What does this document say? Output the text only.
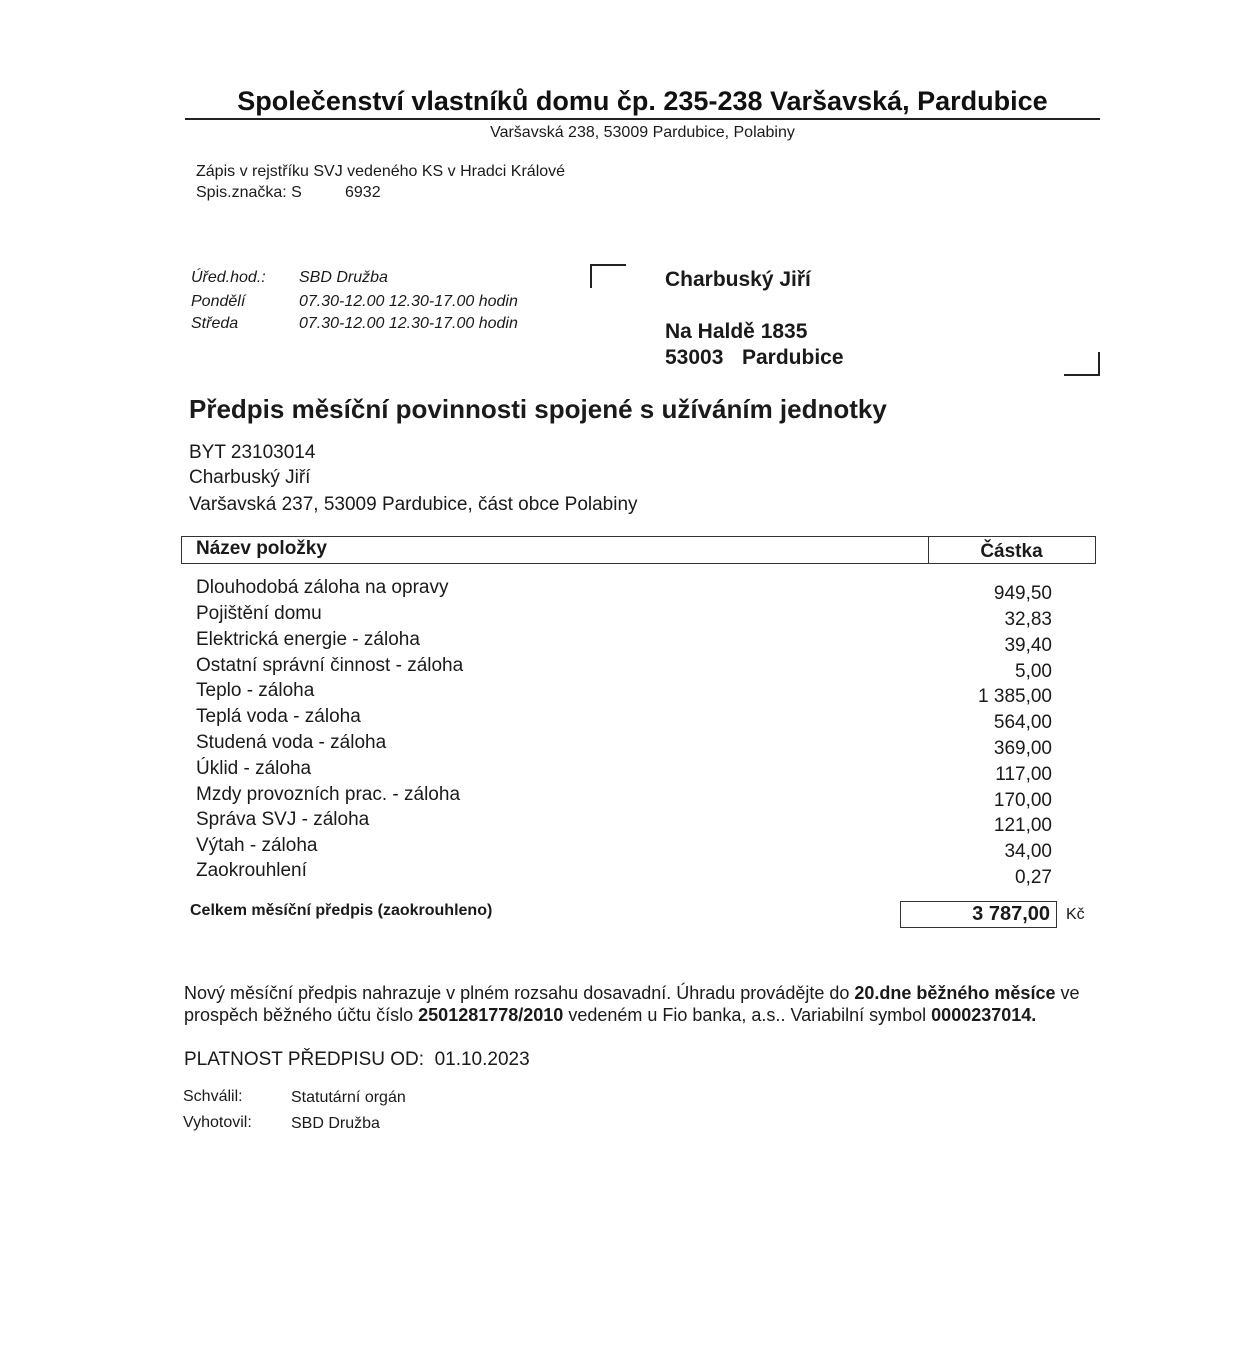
Společenství vlastníků domu čp. 235-238 Varšavská, Pardubice
Varšavská 238, 53009 Pardubice, Polabiny
Zápis v rejstříku SVJ vedeného KS v Hradci Králové
Spis.značka: S	6932
Úřed.hod.: SBD Družba
Pondělí	07.30-12.00 12.30-17.00 hodin
Středa	07.30-12.00 12.30-17.00 hodin
Charbuský Jiří
Na Haldě 1835
53003 Pardubice
Předpis měsíční povinnosti spojené s užíváním jednotky
BYT 23103014
Charbuský Jiří
Varšavská 237, 53009 Pardubice, část obce Polabiny
Název položky	Částka
Dlouhodobá záloha na opravy	949,50
Pojištění domu	32,83
Elektrická energie - záloha	39,40
Ostatní správní činnost - záloha	5,00
Teplo - záloha	1 385,00
Teplá voda - záloha	564,00
Studená voda - záloha	369,00
Úklid - záloha	117,00
Mzdy provozních prac. - záloha	170,00
Správa SVJ - záloha	121,00
Výtah - záloha	34,00
Zaokrouhlení	0,27
Celkem měsíční předpis (zaokrouhleno)	3 787,00	Kč
Nový měsíční předpis nahrazuje v plném rozsahu dosavadní. Úhradu provádějte do 20.dne běžného měsíce ve
prospěch běžného účtu číslo 2501281778/2010 vedeném u Fio banka, a.s.. Variabilní symbol 0000237014.
PLATNOST PŘEDPISU OD: 01.10.2023
Schválil:	Statutární orgán
Vyhotovil: SBD Družba
